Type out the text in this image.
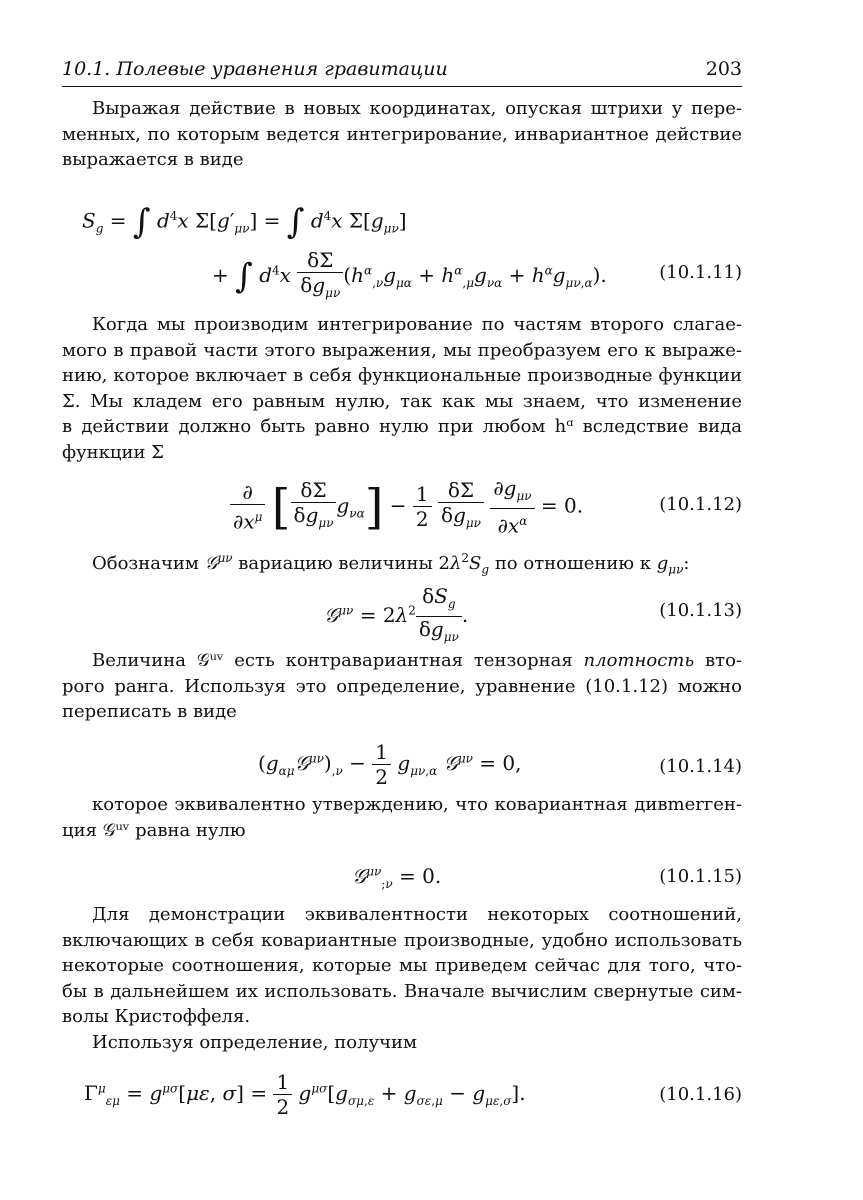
10.1. Полевые уравнения гравитации	203
Выражая действие в новых координатах, опуская штрихи у пере-
менных, по которым ведется интегрирование, инвариантное действие
выражается в виде
$S_g$ = ∫ $d^4x$ $\Sigma[g'_{\mu\nu}]$ = ∫ $d^4x$ $\Sigma[g_{\mu\nu}]$
+ ∫ $d^4x \frac{\delta\Sigma}{\delta g_{\mu\nu}} (h^\alpha_{,\nu}g_{\mu\alpha} + h^\alpha_{,\mu}g_{\nu\alpha} + h^\alpha g_{\mu\nu,\alpha})$.	(10.1.11)
Когда мы производим интегрирование по частям второго слагае-
мого в правой части этого выражения, мы преобразуем его к выраже-
нию, которое включает в себя функциональные производные функции
Σ. Мы кладем его равным нулю, так как мы знаем, что изменение
в действии должно быть равно нулю при любом hᵅ вследствие вида
функции Σ
$\frac{\partial}{\partial x^\mu}$ [ $\frac{\delta\Sigma}{\delta g_{\mu\nu}} g_{\nu\alpha}] - \frac{1}{2}$
$\frac{\delta\Sigma}{\delta g_{\mu\nu}}$
$\frac{\partial g_{\mu\nu}}{\partial x^\alpha} = 0$.	(10.1.12)
Обозначим 𝒢$^{\mu\nu}$ вариацию величины $2\lambda^2S_g$ по отношению к $g_{\mu\nu}$:
𝒢$^{\mu\nu}$ = $2\lambda^2 \frac{\delta S_g}{\delta g_{\mu\nu}}$ .	(10.1.13)
Величина 𝒢ᵘᵛ есть контравариантная тензорная плотность вто-
рого ранга. Используя это определение, уравнение (10.1.12) можно
переписать в виде
$(g_{\alpha\mu}𝒢^{\mu\nu})_{,\nu} - \frac{1}{2} g_{\mu\nu,\alpha}$ 𝒢$^{\mu\nu}$ = 0,	(10.1.14)
которое эквивалентно утверждению, что ковариантная дивmerген-
ция 𝒢ᵘᵛ равна нулю
𝒢$^{\mu\nu}_{;\nu}$ = 0.	(10.1.15)
Для демонстрации эквивалентности некоторых соотношений,
включающих в себя ковариантные производные, удобно использовать
некоторые соотношения, которые мы приведем сейчас для того, что-
бы в дальнейшем их использовать. Вначале вычислим свернутые сим-
волы Кристоффеля.
Используя определение, получим
$\Gamma^\mu_{\varepsilon\mu} = g^{\mu\sigma}[\mu\varepsilon$, $\sigma] = \frac{1}{2} g^{\mu\sigma}[g_{\sigma\mu,\varepsilon} + g_{\sigma\varepsilon,\mu} - g_{\mu\varepsilon,\sigma}]$.	(10.1.16)
